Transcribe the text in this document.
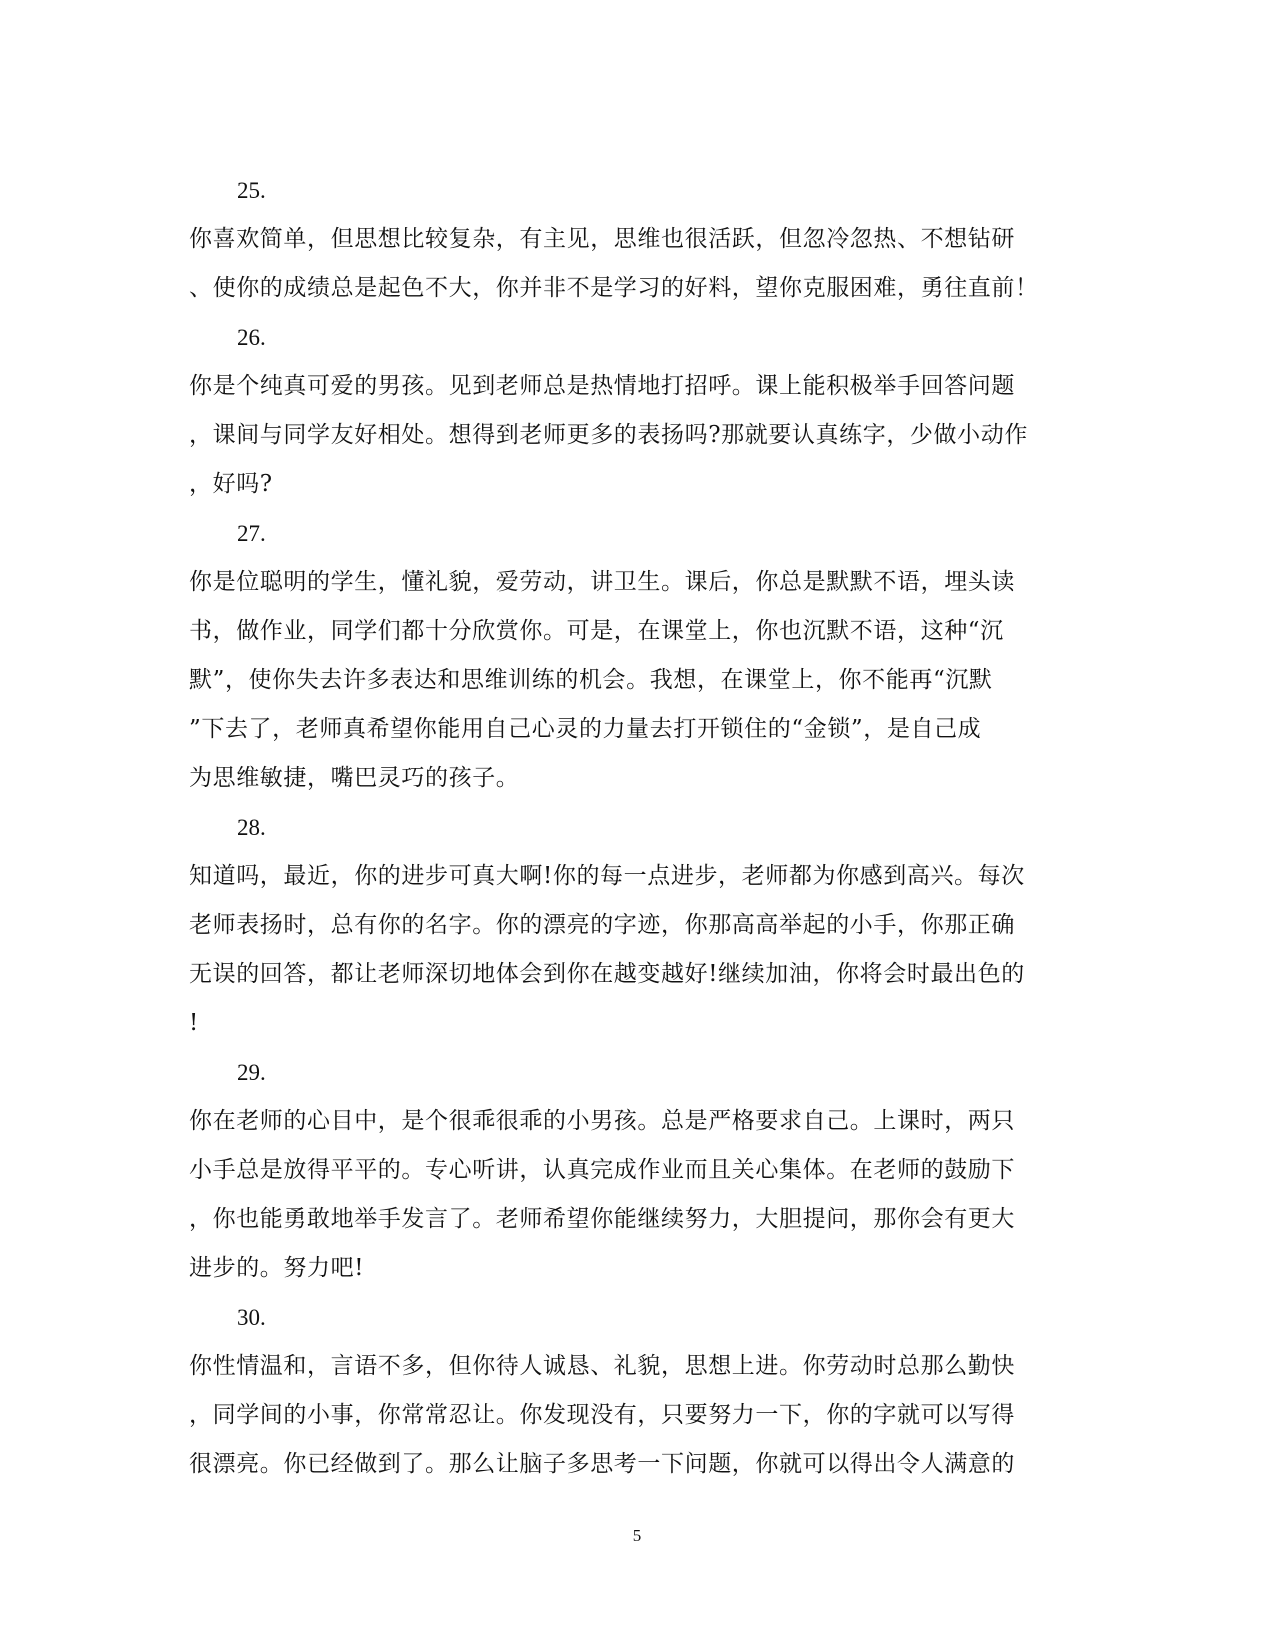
25.

你喜欢简单，但思想比较复杂，有主见，思维也很活跃，但忽冷忽热、不想钻研

、使你的成绩总是起色不大，你并非不是学习的好料，望你克服困难，勇往直前！

26.

你是个纯真可爱的男孩。见到老师总是热情地打招呼。课上能积极举手回答问题

，课间与同学友好相处。想得到老师更多的表扬吗?那就要认真练字，少做小动作

，好吗?

27.

你是位聪明的学生，懂礼貌，爱劳动，讲卫生。课后，你总是默默不语，埋头读

书，做作业，同学们都十分欣赏你。可是，在课堂上，你也沉默不语，这种“沉

默”，使你失去许多表达和思维训练的机会。我想，在课堂上，你不能再“沉默

”下去了，老师真希望你能用自己心灵的力量去打开锁住的“金锁”，是自己成

为思维敏捷，嘴巴灵巧的孩子。

28.

知道吗，最近，你的进步可真大啊!你的每一点进步，老师都为你感到高兴。每次

老师表扬时，总有你的名字。你的漂亮的字迹，你那高高举起的小手，你那正确

无误的回答，都让老师深切地体会到你在越变越好!继续加油，你将会时最出色的

!

29.

你在老师的心目中，是个很乖很乖的小男孩。总是严格要求自己。上课时，两只

小手总是放得平平的。专心听讲，认真完成作业而且关心集体。在老师的鼓励下

，你也能勇敢地举手发言了。老师希望你能继续努力，大胆提问，那你会有更大

进步的。努力吧!

30.

你性情温和，言语不多，但你待人诚恳、礼貌，思想上进。你劳动时总那么勤快

，同学间的小事，你常常忍让。你发现没有，只要努力一下，你的字就可以写得

很漂亮。你已经做到了。那么让脑子多思考一下问题，你就可以得出令人满意的

5
